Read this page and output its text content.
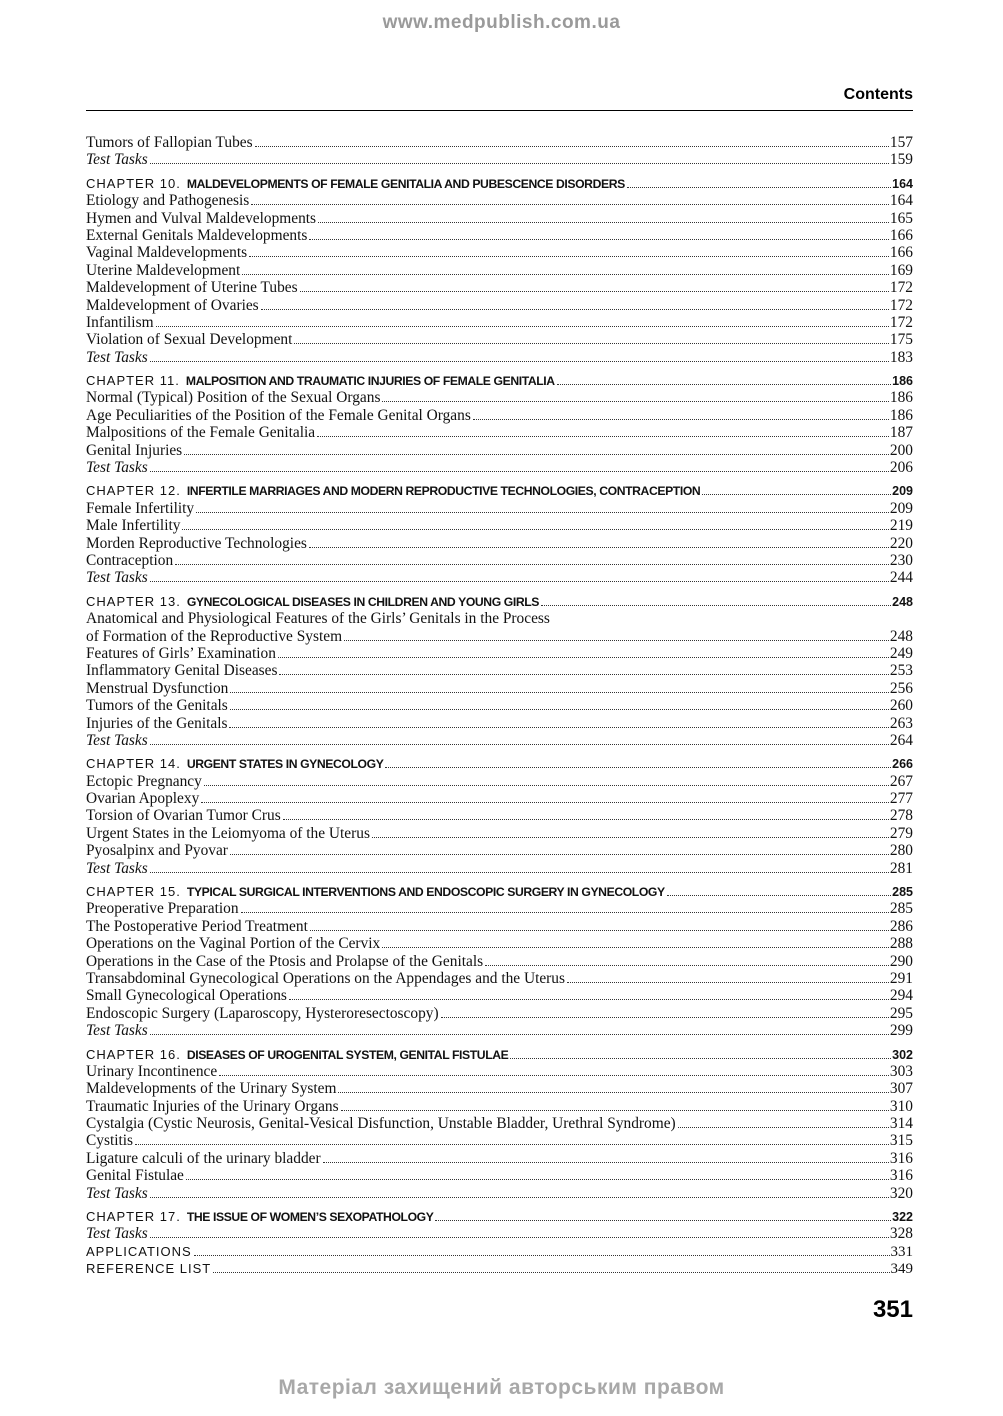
www.medpublish.com.ua
Contents
Tumors of Fallopian Tubes	157
Test Tasks	159
CHAPTER 10. MALDEVELOPMENTS OF FEMALE GENITALIA AND PUBESCENCE DISORDERS	164
Etiology and Pathogenesis	164
Hymen and Vulval Maldevelopments	165
External Genitals Maldevelopments	166
Vaginal Maldevelopments	166
Uterine Maldevelopment	169
Maldevelopment of Uterine Tubes	172
Maldevelopment of Ovaries	172
Infantilism	172
Violation of Sexual Development	175
Test Tasks	183
CHAPTER 11. MALPOSITION AND TRAUMATIC INJURIES OF FEMALE GENITALIA	186
Normal (Typical) Position of the Sexual Organs	186
Age Peculiarities of the Position of the Female Genital Organs	186
Malpositions of the Female Genitalia	187
Genital Injuries	200
Test Tasks	206
CHAPTER 12. INFERTILE MARRIAGES AND MODERN REPRODUCTIVE TECHNOLOGIES, CONTRACEPTION	209
Female Infertility	209
Male Infertility	219
Morden Reproductive Technologies	220
Contraception	230
Test Tasks	244
CHAPTER 13. GYNECOLOGICAL DISEASES IN CHILDREN AND YOUNG GIRLS	248
Anatomical and Physiological Features of the Girls’ Genitals in the Process
of Formation of the Reproductive System	248
Features of Girls’ Examination	249
Inflammatory Genital Diseases	253
Menstrual Dysfunction	256
Tumors of the Genitals	260
Injuries of the Genitals	263
Test Tasks	264
CHAPTER 14. URGENT STATES IN GYNECOLOGY	266
Ectopic Pregnancy	267
Ovarian Apoplexy	277
Torsion of Ovarian Tumor Crus	278
Urgent States in the Leiomyoma of the Uterus	279
Pyosalpinx and Pyovar	280
Test Tasks	281
CHAPTER 15. TYPICAL SURGICAL INTERVENTIONS AND ENDOSCOPIC SURGERY IN GYNECOLOGY	285
Preoperative Preparation	285
The Postoperative Period Treatment	286
Operations on the Vaginal Portion of the Cervix	288
Operations in the Case of the Ptosis and Prolapse of the Genitals	290
Transabdominal Gynecological Operations on the Appendages and the Uterus	291
Small Gynecological Operations	294
Endoscopic Surgery (Laparoscopy, Hysteroresectoscopy)	295
Test Tasks	299
CHAPTER 16. DISEASES OF UROGENITAL SYSTEM, GENITAL FISTULAE	302
Urinary Incontinence	303
Maldevelopments of the Urinary System	307
Traumatic Injuries of the Urinary Organs	310
Cystalgia (Cystic Neurosis, Genital-Vesical Disfunction, Unstable Bladder, Urethral Syndrome)	314
Cystitis	315
Ligature calculi of the urinary bladder	316
Genital Fistulae	316
Test Tasks	320
CHAPTER 17. THE ISSUE OF WOMEN’S SEXOPATHOLOGY	322
Test Tasks	328
APPLICATIONS	331
REFERENCE LIST	349
351
Матеріал захищений авторським правом
